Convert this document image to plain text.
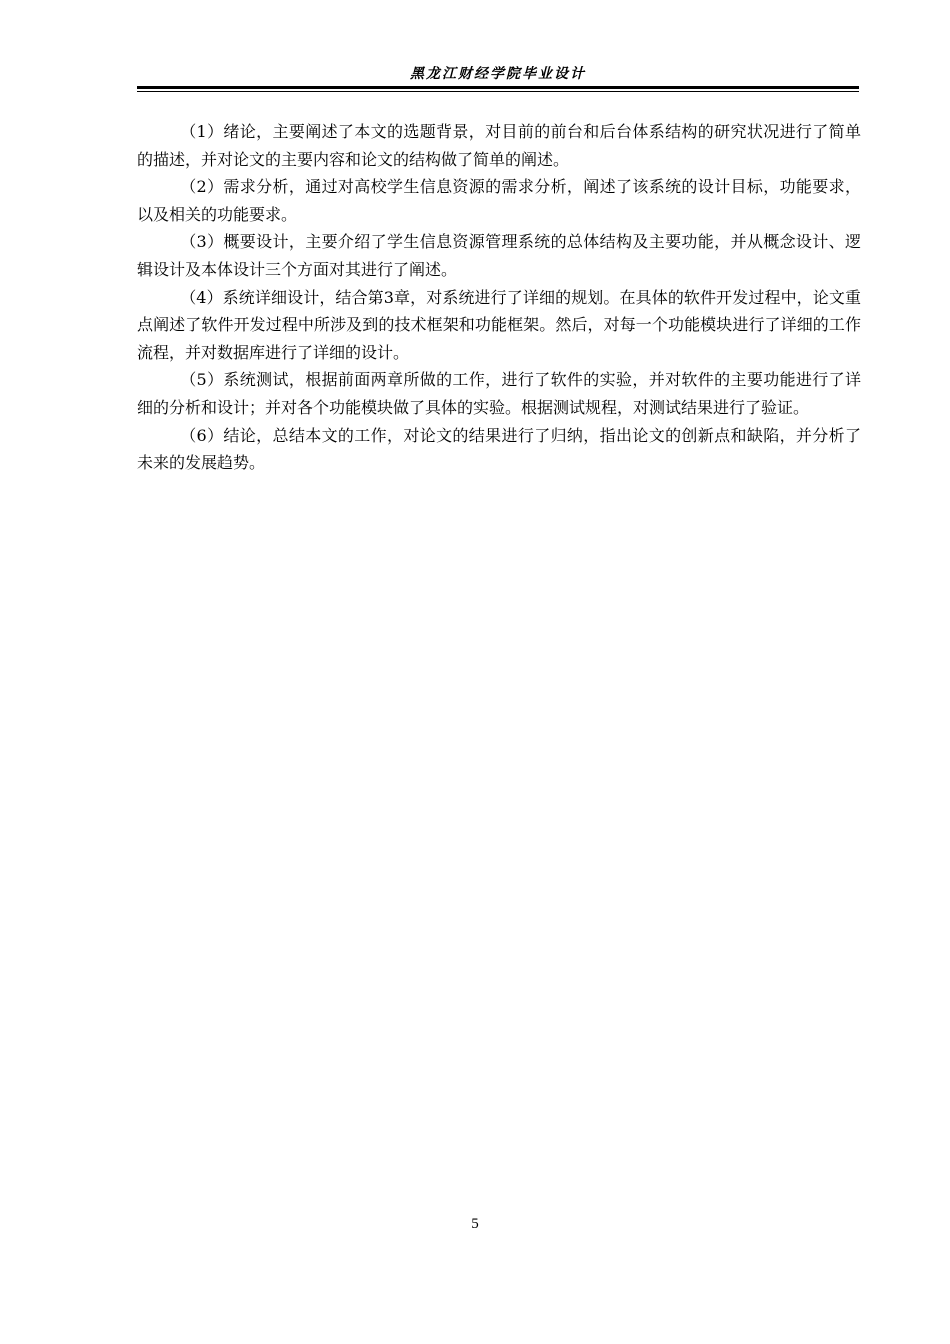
黑龙江财经学院毕业设计

（1）绪论，主要阐述了本文的选题背景，对目前的前台和后台体系结构的研究状况进行了简单的描述，并对论文的主要内容和论文的结构做了简单的阐述。

（2）需求分析，通过对高校学生信息资源的需求分析，阐述了该系统的设计目标，功能要求，以及相关的功能要求。

（3）概要设计，主要介绍了学生信息资源管理系统的总体结构及主要功能，并从概念设计、逻辑设计及本体设计三个方面对其进行了阐述。

（4）系统详细设计，结合第3章，对系统进行了详细的规划。在具体的软件开发过程中，论文重点阐述了软件开发过程中所涉及到的技术框架和功能框架。然后，对每一个功能模块进行了详细的工作流程，并对数据库进行了详细的设计。

（5）系统测试，根据前面两章所做的工作，进行了软件的实验，并对软件的主要功能进行了详细的分析和设计；并对各个功能模块做了具体的实验。根据测试规程，对测试结果进行了验证。

（6）结论，总结本文的工作，对论文的结果进行了归纳，指出论文的创新点和缺陷，并分析了未来的发展趋势。

5
